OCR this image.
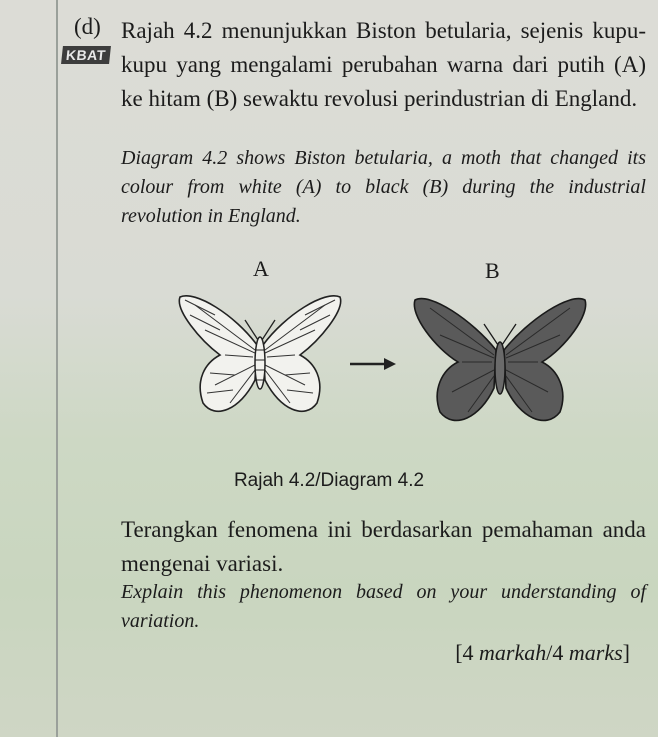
(d)
KBAT
Rajah 4.2 menunjukkan Biston betularia, sejenis kupu-kupu yang mengalami perubahan warna dari putih (A) ke hitam (B) sewaktu revolusi perindustrian di England.
Diagram 4.2 shows Biston betularia, a moth that changed its colour from white (A) to black (B) during the industrial revolution in England.
A	B
Rajah 4.2/Diagram 4.2
Terangkan fenomena ini berdasarkan pemahaman anda mengenai variasi.
Explain this phenomenon based on your understanding of variation.
[4 markah/4 marks]
